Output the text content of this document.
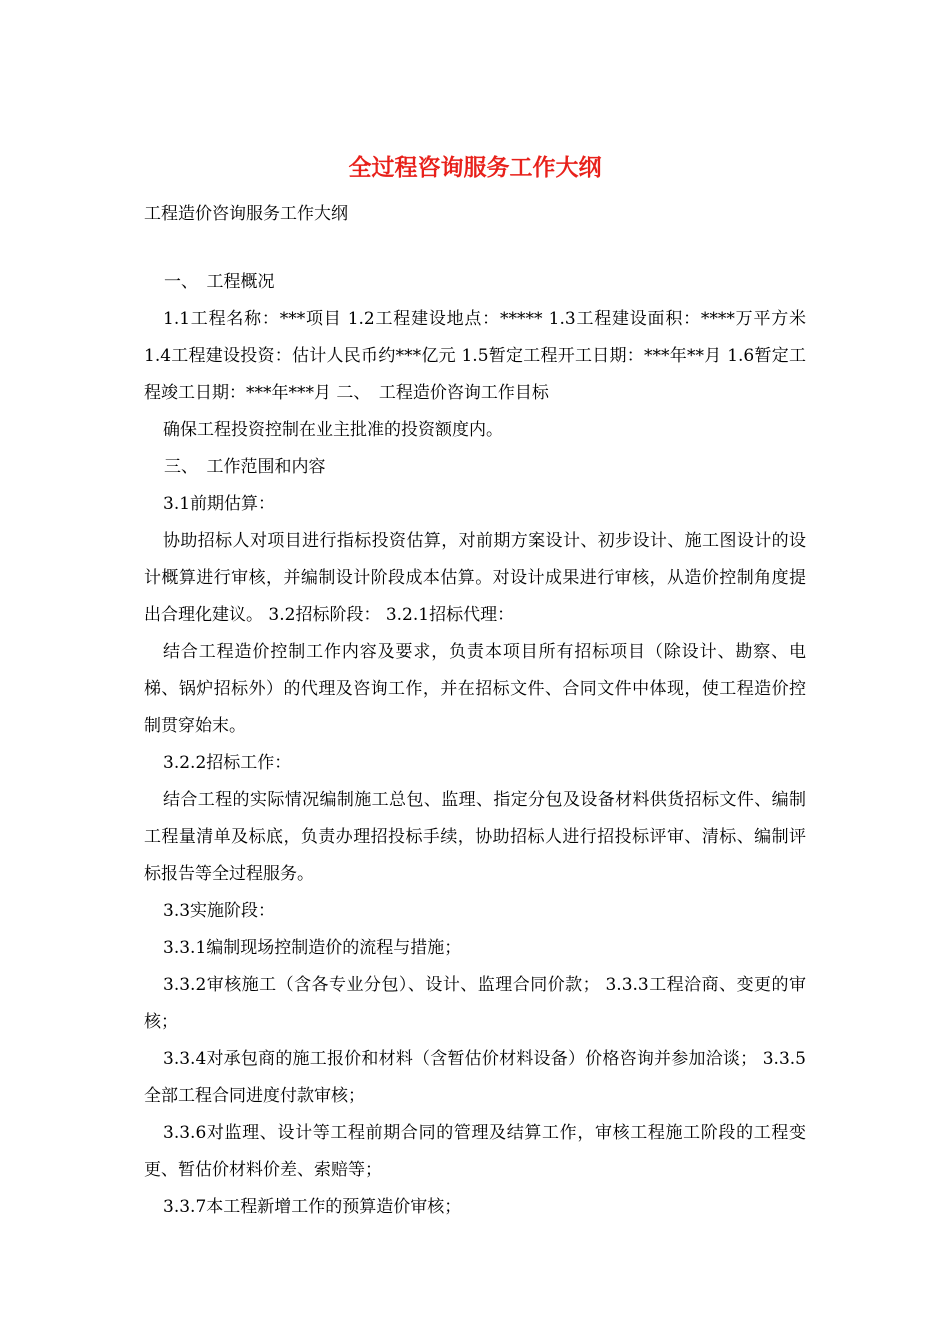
全过程咨询服务工作大纲
工程造价咨询服务工作大纲

一、　工程概况

1.1工程名称：***项目 1.2工程建设地点：***** 1.3工程建设面积：****万平方米 1.4工程建设投资：估计人民币约***亿元 1.5暂定工程开工日期：***年**月 1.6暂定工程竣工日期：***年***月 二、　工程造价咨询工作目标

确保工程投资控制在业主批准的投资额度内。

三、　工作范围和内容

3.1前期估算：

协助招标人对项目进行指标投资估算，对前期方案设计、初步设计、施工图设计的设计概算进行审核，并编制设计阶段成本估算。对设计成果进行审核，从造价控制角度提出合理化建议。 3.2招标阶段： 3.2.1招标代理：

结合工程造价控制工作内容及要求，负责本项目所有招标项目（除设计、勘察、电梯、锅炉招标外）的代理及咨询工作，并在招标文件、合同文件中体现，使工程造价控制贯穿始末。

3.2.2招标工作：

结合工程的实际情况编制施工总包、监理、指定分包及设备材料供货招标文件、编制工程量清单及标底，负责办理招投标手续，协助招标人进行招投标评审、清标、编制评标报告等全过程服务。

3.3实施阶段：

3.3.1编制现场控制造价的流程与措施；

3.3.2审核施工（含各专业分包）、设计、监理合同价款； 3.3.3工程洽商、变更的审核；

3.3.4对承包商的施工报价和材料（含暂估价材料设备）价格咨询并参加洽谈； 3.3.5全部工程合同进度付款审核；

3.3.6对监理、设计等工程前期合同的管理及结算工作，审核工程施工阶段的工程变更、暂估价材料价差、索赔等；

3.3.7本工程新增工作的预算造价审核；
